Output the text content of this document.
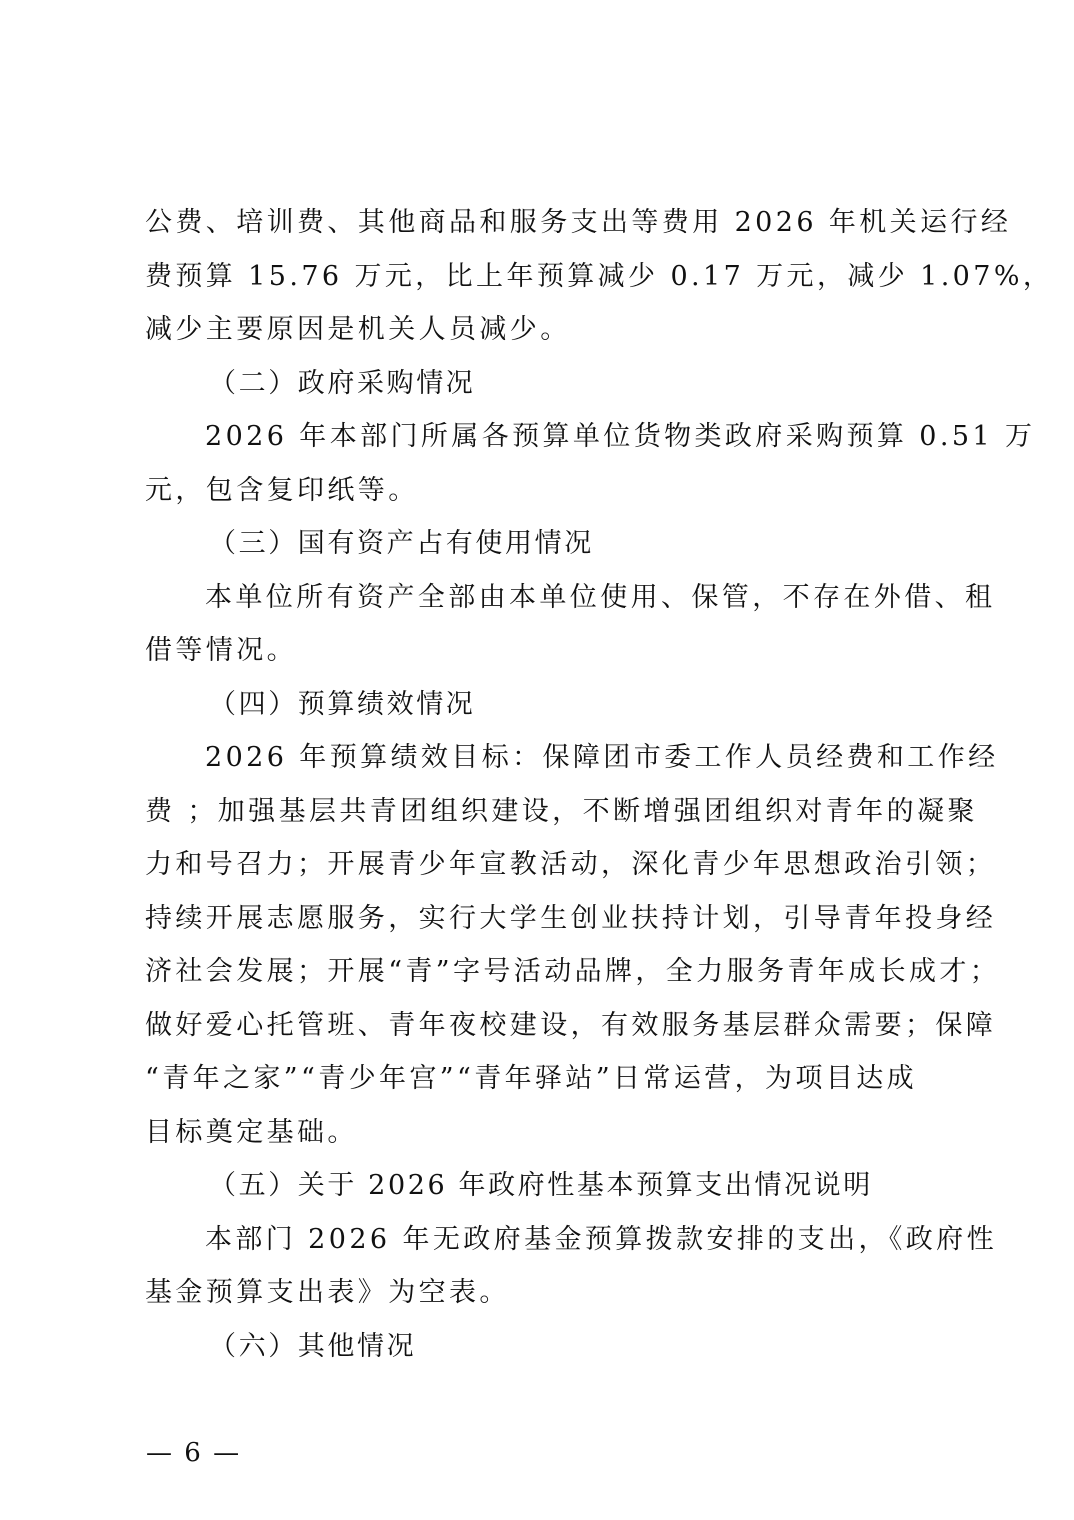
公费、培训费、其他商品和服务支出等费用 2026 年机关运行经
费预算 15.76 万元，比上年预算减少 0.17 万元，减少 1.07%，
减少主要原因是机关人员减少。
（二）政府采购情况
2026 年本部门所属各预算单位货物类政府采购预算 0.51 万
元，包含复印纸等。
（三）国有资产占有使用情况
本单位所有资产全部由本单位使用、保管，不存在外借、租
借等情况。
（四）预算绩效情况
2026 年预算绩效目标：保障团市委工作人员经费和工作经
费 ；加强基层共青团组织建设，不断增强团组织对青年的凝聚
力和号召力；开展青少年宣教活动，深化青少年思想政治引领；
持续开展志愿服务，实行大学生创业扶持计划，引导青年投身经
济社会发展；开展“青”字号活动品牌，全力服务青年成长成才；
做好爱心托管班、青年夜校建设，有效服务基层群众需要；保障
“青年之家”“青少年宫”“青年驿站”日常运营，为项目达成
目标奠定基础。
（五）关于 2026 年政府性基本预算支出情况说明
本部门 2026 年无政府基金预算拨款安排的支出，《政府性
基金预算支出表》为空表。
（六）其他情况
— 6 —
